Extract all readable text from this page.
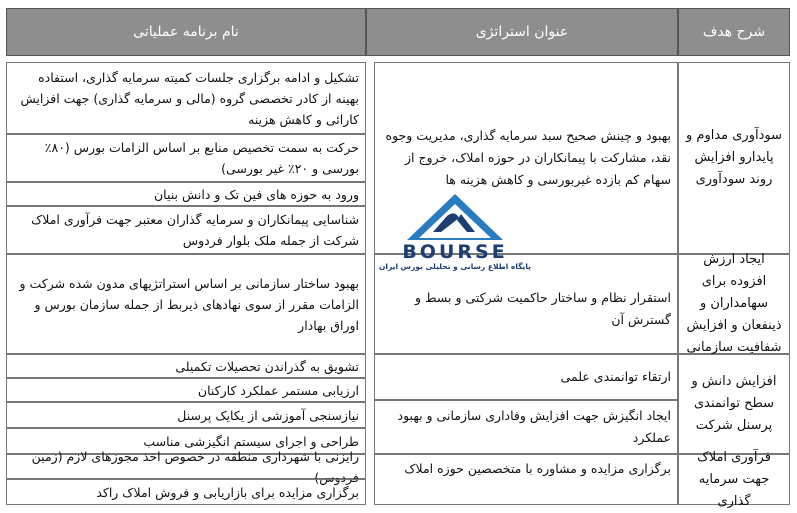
نام برنامه عملیاتی	عنوان استراتژی	شرح هدف
سودآوری مداوم و پایدارو افزایش روند سودآوری
بهبود و چینش صحیح سبد سرمایه گذاری، مدیریت وجوه نقد، مشارکت با پیمانکاران در حوزه املاک، خروج از سهام کم بازده غیربورسی و کاهش هزینه ها
تشکیل و ادامه برگزاری جلسات کمیته سرمایه گذاری، استفاده بهینه از کادر تخصصی گروه (مالی و سرمایه گذاری) جهت افزایش کارائی و کاهش هزینه
حرکت به سمت تخصیص منابع بر اساس الزامات بورس (۸۰٪ بورسی و ۲۰٪ غیر بورسی)
ورود به حوزه های فین تک و دانش بنیان
شناسایی پیمانکاران و سرمایه گذاران معتبر جهت فرآوری املاک شرکت از جمله ملک بلوار فردوس
ایجاد ارزش افزوده برای سهامداران و ذینفعان و افزایش شفافیت سازمانی
استقرار نظام و ساختار حاکمیت شرکتی و بسط و گسترش آن
بهبود ساختار سازمانی بر اساس استراتژیهای مدون شده شرکت و الزامات مقرر از سوی نهادهای ذیربط از جمله سازمان بورس و اوراق بهادار
افزایش دانش و سطح توانمندی پرسنل شرکت
ارتقاء توانمندی علمی
ایجاد انگیزش جهت افزایش وفاداری سازمانی و بهبود عملکرد
تشویق به گذراندن تحصیلات تکمیلی
ارزیابی مستمر عملکرد کارکنان
نیازسنجی آموزشی از یکایک پرسنل
طراحی و اجرای سیستم انگیزشی مناسب
فرآوری املاک جهت سرمایه گذاری
برگزاری مزایده و مشاوره با متخصصین حوزه املاک
رایزنی با شهرداری منطقه در خصوص اخذ مجوزهای لازم (زمین فردوس)
برگزاری مزایده برای بازاریابی و فروش املاک راکد
BOURSE
پایگاه اطلاع رسانی و تحلیلی بورس ایران
